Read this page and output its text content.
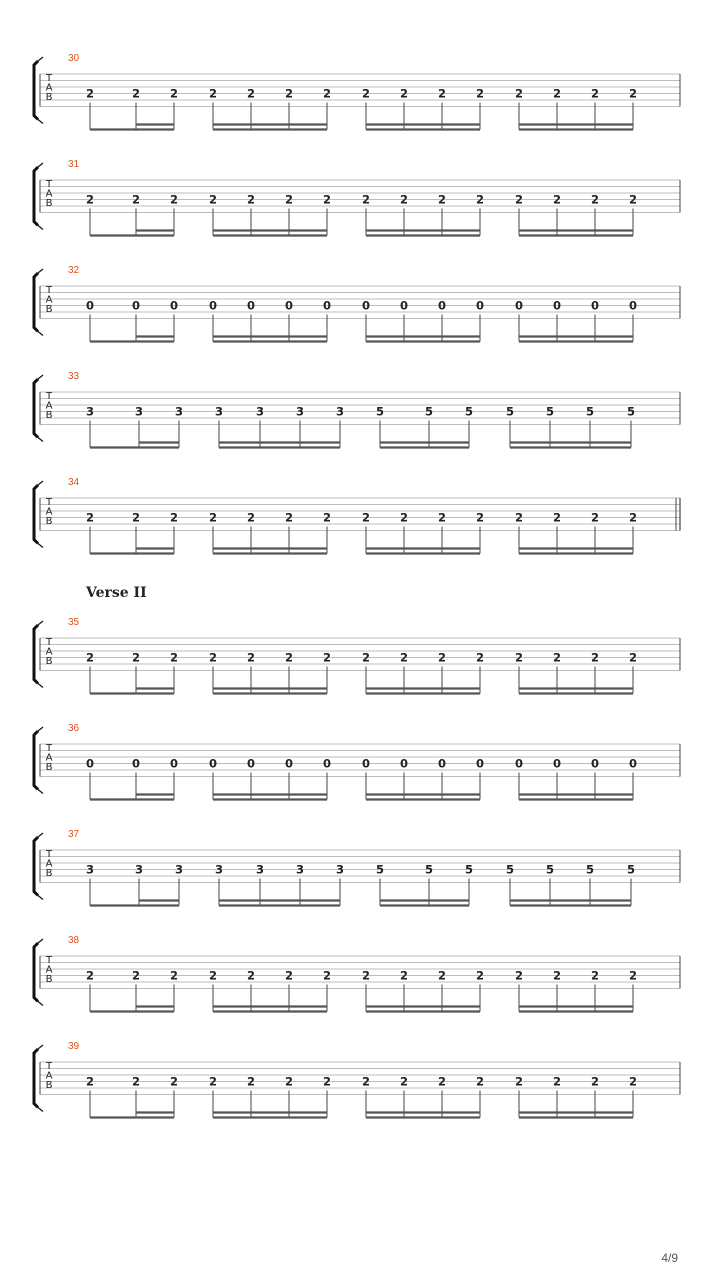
30
T
A
B	2	2	2	2	2	2	2	2	2	2	2	2	2	2	2
31
T
A
B	2	2	2	2	2	2	2	2	2	2	2	2	2	2	2
32
T
A
B	0	0	0	0	0	0	0	0	0	0	0	0	0	0	0
33
T
A
B	3	3	3	3	3	3	3	5	5	5	5	5	5	5
34
T
A
B	2	2	2	2	2	2	2	2	2	2	2	2	2	2	2
35
T
A
B	2	2	2	2	2	2	2	2	2	2	2	2	2	2	2
36
T
A
B	0	0	0	0	0	0	0	0	0	0	0	0	0	0	0
37
T
A
B	3	3	3	3	3	3	3	5	5	5	5	5	5	5
38
T
A
B	2	2	2	2	2	2	2	2	2	2	2	2	2	2	2
39
T
A
B	2	2	2	2	2	2	2	2	2	2	2	2	2	2	2
Verse II
4/9
